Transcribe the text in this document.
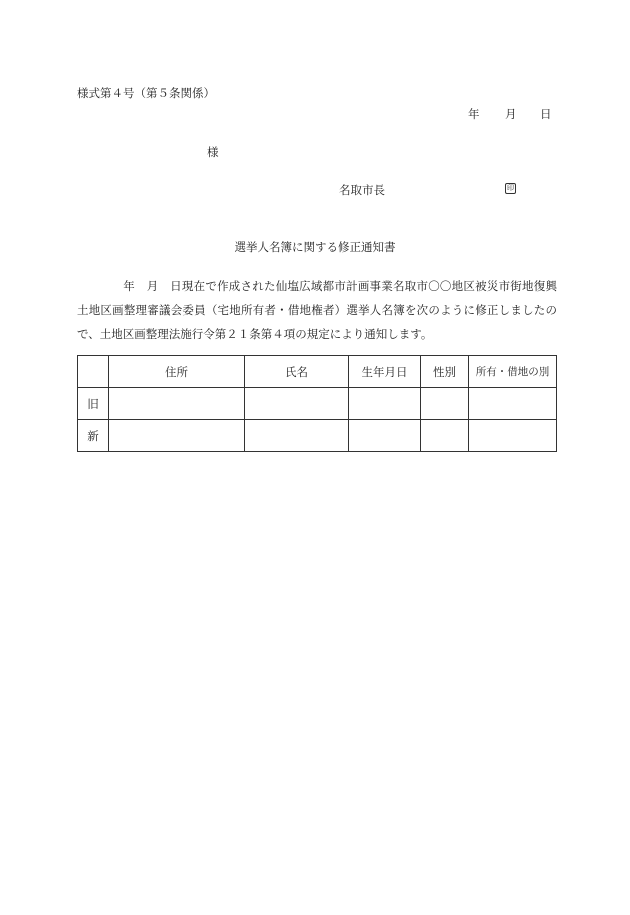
様式第４号（第５条関係）
年 月 日
様
名取市長	印
選挙人名簿に関する修正通知書
年　月　日現在で作成された仙塩広域都市計画事業名取市〇〇地区被災市街地復興土地区画整理審議会委員（宅地所有者・借地権者）選挙人名簿を次のように修正しましたので、土地区画整理法施行令第２１条第４項の規定により通知します。
	住所	氏名	生年月日	性別	所有・借地の別
旧					
新					
